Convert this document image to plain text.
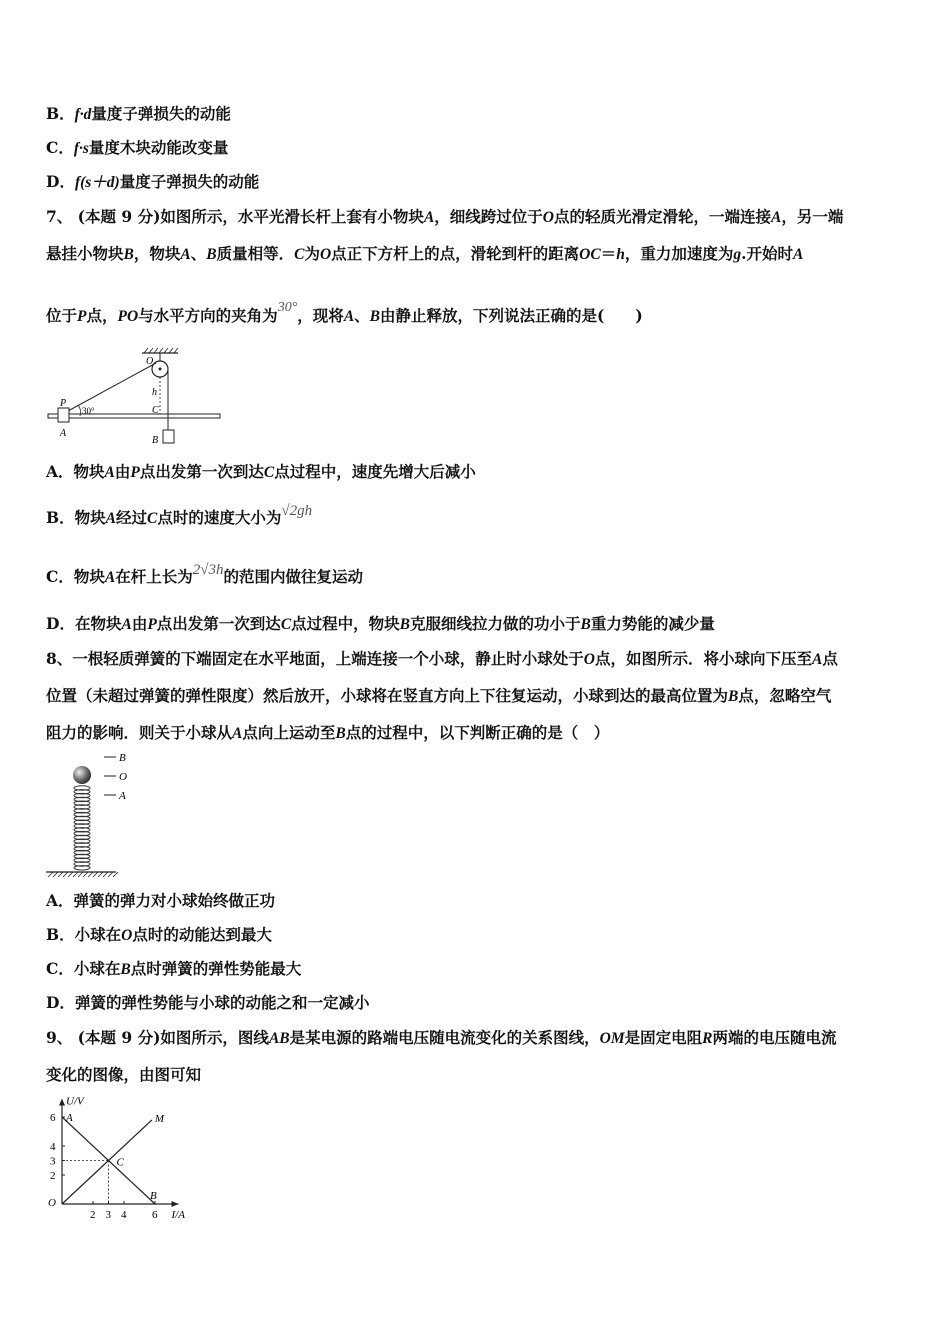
B．f·d量度子弹损失的动能
C．f·s量度木块动能改变量
D．f(s＋d)量度子弹损失的动能
7、 (本题 9 分)如图所示，水平光滑长杆上套有小物块A，细线跨过位于O点的轻质光滑定滑轮，一端连接A，另一端
悬挂小物块B，物块A、B质量相等．C为O点正下方杆上的点，滑轮到杆的距离OC＝h，重力加速度为g.开始时A
位于P点，PO与水平方向的夹角为30°，现将A、B由静止释放，下列说法正确的是(　　)
O
h
P
30°	C
A
B
A．物块A由P点出发第一次到达C点过程中，速度先增大后减小
B．物块A经过C点时的速度大小为√2gh
C．物块A在杆上长为2√3h的范围内做往复运动
D．在物块A由P点出发第一次到达C点过程中，物块B克服细线拉力做的功小于B重力势能的减少量
8、一根轻质弹簧的下端固定在水平地面，上端连接一个小球，静止时小球处于O点，如图所示．将小球向下压至A点
位置（未超过弹簧的弹性限度）然后放开，小球将在竖直方向上下往复运动，小球到达的最高位置为B点，忽略空气
阻力的影响．则关于小球从A点向上运动至B点的过程中，以下判断正确的是（　）
B
O
A
A．弹簧的弹力对小球始终做正功
B．小球在O点时的动能达到最大
C．小球在B点时弹簧的弹性势能最大
D．弹簧的弹性势能与小球的动能之和一定减小
9、 (本题 9 分)如图所示，图线AB是某电源的路端电压随电流变化的关系图线，OM是固定电阻R两端的电压随电流
变化的图像，由图可知
U/V
I/A
O
2
3
4
6
2 3 4 6
A
B
M
C
